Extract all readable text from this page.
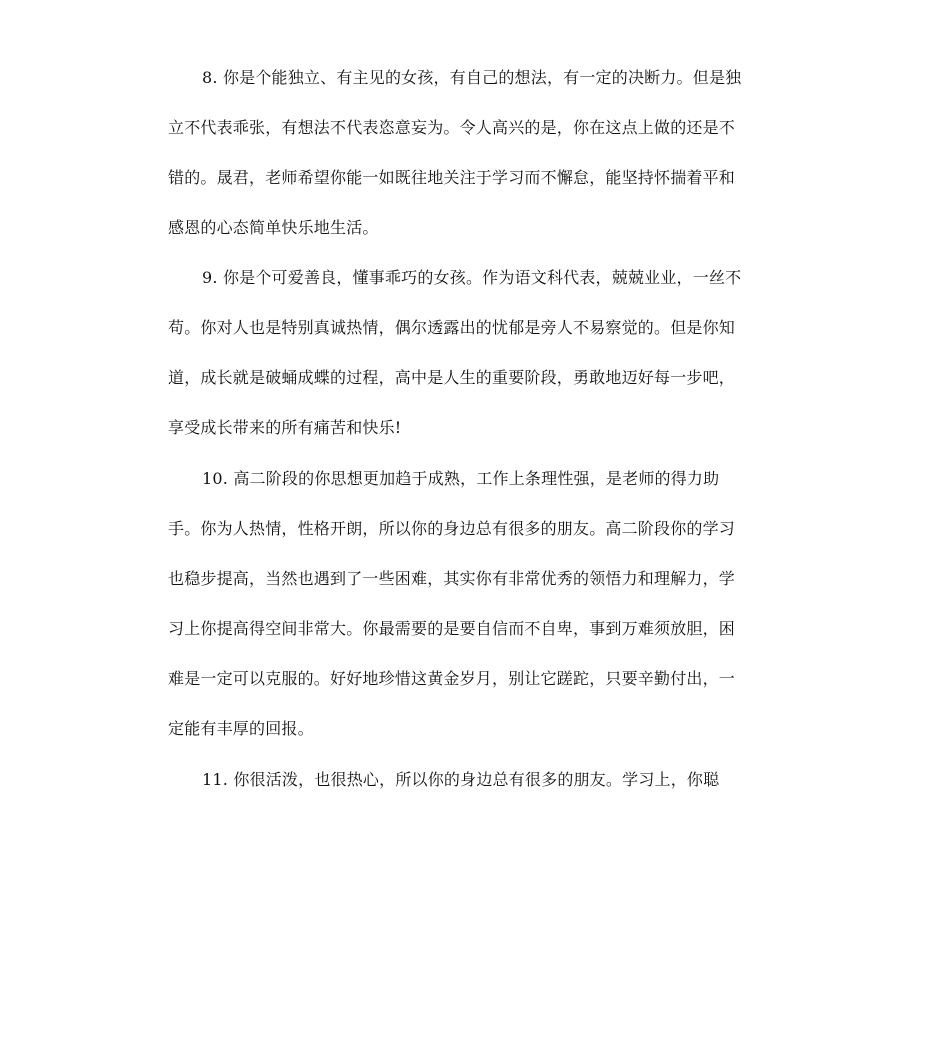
8. 你是个能独立、有主见的女孩，有自己的想法，有一定的决断力。但是独
立不代表乖张，有想法不代表恣意妄为。令人高兴的是，你在这点上做的还是不
错的。晟君，老师希望你能一如既往地关注于学习而不懈怠，能坚持怀揣着平和
感恩的心态简单快乐地生活。
9. 你是个可爱善良，懂事乖巧的女孩。作为语文科代表，兢兢业业，一丝不
苟。你对人也是特别真诚热情，偶尔透露出的忧郁是旁人不易察觉的。但是你知
道，成长就是破蛹成蝶的过程，高中是人生的重要阶段，勇敢地迈好每一步吧，
享受成长带来的所有痛苦和快乐!
10. 高二阶段的你思想更加趋于成熟，工作上条理性强，是老师的得力助
手。你为人热情，性格开朗，所以你的身边总有很多的朋友。高二阶段你的学习
也稳步提高，当然也遇到了一些困难，其实你有非常优秀的领悟力和理解力，学
习上你提高得空间非常大。你最需要的是要自信而不自卑，事到万难须放胆，困
难是一定可以克服的。好好地珍惜这黄金岁月，别让它蹉跎，只要辛勤付出，一
定能有丰厚的回报。
11. 你很活泼，也很热心，所以你的身边总有很多的朋友。学习上，你聪
